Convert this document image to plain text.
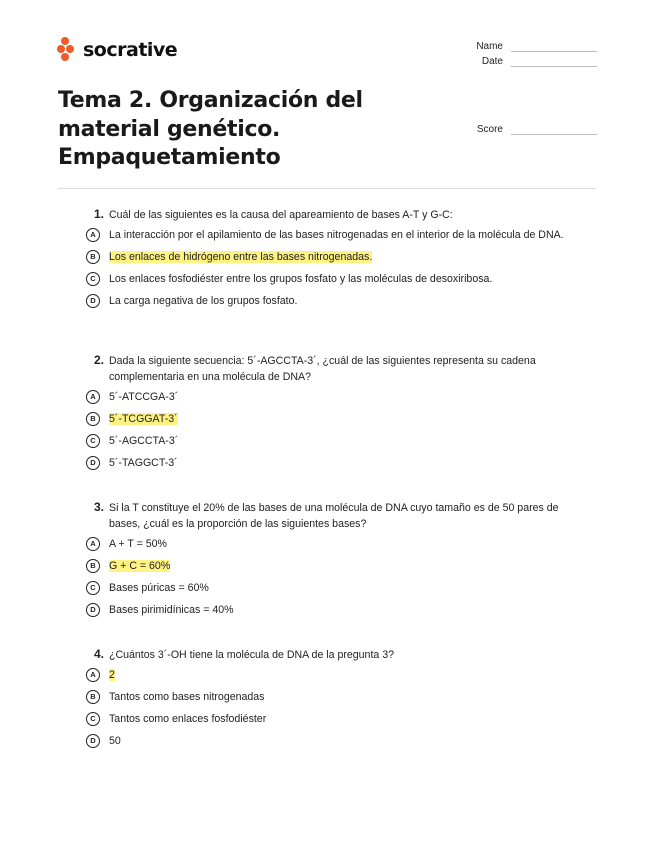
socrative	Name
Date
Score
Tema 2. Organización del material genético. Empaquetamiento
1. Cuál de las siguientes es la causa del apareamiento de bases A-T y G-C:
A	La interacción por el apilamiento de las bases nitrogenadas en el interior de la molécula de DNA.
B	Los enlaces de hidrógeno entre las bases nitrogenadas.
C	Los enlaces fosfodiéster entre los grupos fosfato y las moléculas de desoxiribosa.
D	La carga negativa de los grupos fosfato.
2. Dada la siguiente secuencia: 5´-AGCCTA-3´, ¿cuál de las siguientes representa su cadena complementaria en una molécula de DNA?
A	5´-ATCCGA-3´
B	5´-TCGGAT-3´
C	5´-AGCCTA-3´
D	5´-TAGGCT-3´
3. Si la T constituye el 20% de las bases de una molécula de DNA cuyo tamaño es de 50 pares de bases, ¿cuál es la proporción de las siguientes bases?
A	A + T = 50%
B	G + C = 60%
C	Bases púricas = 60%
D	Bases pirimidínicas = 40%
4. ¿Cuántos 3´-OH tiene la molécula de DNA de la pregunta 3?
A	2
B	Tantos como bases nitrogenadas
C	Tantos como enlaces fosfodiéster
D	50
